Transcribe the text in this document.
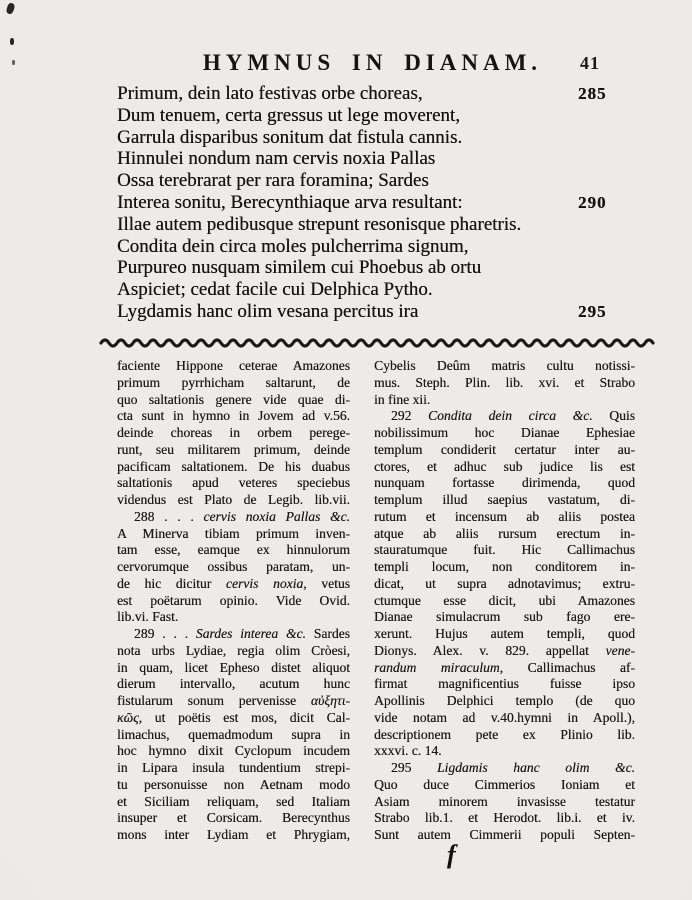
HYMNUS IN DIANAM.	41
Primum, dein lato festivas orbe choreas,	285
Dum tenuem, certa gressus ut lege moverent,
Garrula disparibus sonitum dat fistula cannis.
Hinnulei nondum nam cervis noxia Pallas
Ossa terebrarat per rara foramina; Sardes
Interea sonitu, Berecynthiaque arva resultant:	290
Illae autem pedibusque strepunt resonisque pharetris.
Condita dein circa moles pulcherrima signum,
Purpureo nusquam similem cui Phoebus ab ortu
Aspiciet; cedat facile cui Delphica Pytho.
Lygdamis hanc olim vesana percitus ira	295
faciente Hippone ceterae Amazones
primum pyrrhicham saltarunt, de
quo saltationis genere vide quae di-
cta sunt in hymno in Jovem ad v.56.
deinde choreas in orbem perege-
runt, seu militarem primum, deinde
pacificam saltationem. De his duabus
saltationis apud veteres speciebus
videndus est Plato de Legib. lib.vii.
288 . . . cervis noxia Pallas &c.
A Minerva tibiam primum inven-
tam esse, eamque ex hinnulorum
cervorumque ossibus paratam, un-
de hic dicitur cervis noxia, vetus
est poëtarum opinio. Vide Ovid.
lib.vi. Fast.
289 . . . Sardes interea &c. Sardes
nota urbs Lydiae, regia olim Cròesi,
in quam, licet Epheso distet aliquot
dierum intervallo, acutum hunc
fistularum sonum pervenisse αὐξητι-
κῶς, ut poëtis est mos, dicit Cal-
limachus, quemadmodum supra in
hoc hymno dixit Cyclopum incudem
in Lipara insula tundentium strepi-
tu personuisse non Aetnam modo
et Siciliam reliquam, sed Italiam
insuper et Corsicam. Berecynthus
mons inter Lydiam et Phrygiam,
Cybelis Deûm matris cultu notissi-
mus. Steph. Plin. lib. xvi. et Strabo
in fine xii.
292 Condita dein circa &c. Quis
nobilissimum hoc Dianae Ephesiae
templum condiderit certatur inter au-
ctores, et adhuc sub judice lis est
nunquam fortasse dirimenda, quod
templum illud saepius vastatum, di-
rutum et incensum ab aliis postea
atque ab aliis rursum erectum in-
stauratumque fuit. Hic Callimachus
templi locum, non conditorem in-
dicat, ut supra adnotavimus; extru-
ctumque esse dicit, ubi Amazones
Dianae simulacrum sub fago ere-
xerunt. Hujus autem templi, quod
Dionys. Alex. v. 829. appellat vene-
randum miraculum, Callimachus af-
firmat magnificentius fuisse ipso
Apollinis Delphici templo (de quo
vide notam ad v.40.hymni in Apoll.),
descriptionem pete ex Plinio lib.
xxxvi. c. 14.
295 Ligdamis hanc olim &c.
Quo duce Cimmerios Ioniam et
Asiam minorem invasisse testatur
Strabo lib.1. et Herodot. lib.i. et iv.
Sunt autem Cimmerii populi Septen-
f
